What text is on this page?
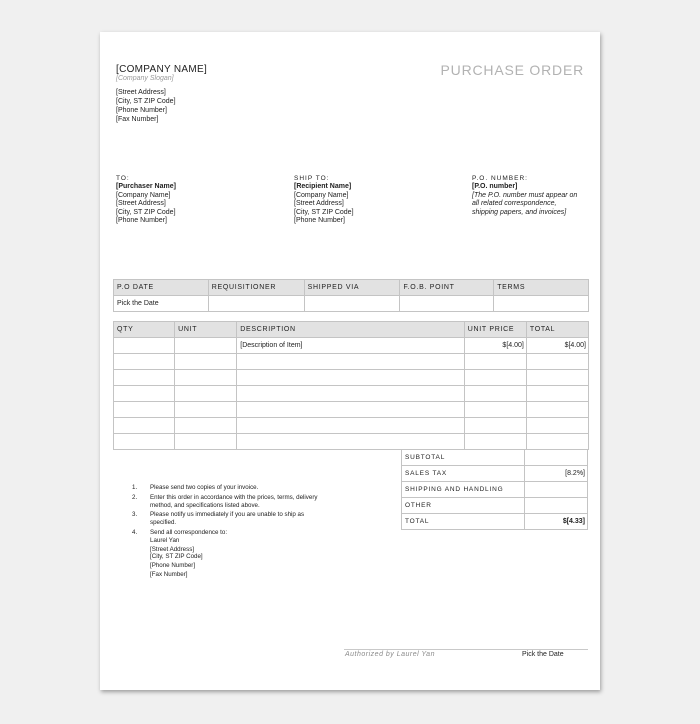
[COMPANY NAME]
[Company Slogan]
[Street Address]
[City, ST ZIP Code]
[Phone Number]
[Fax Number]
PURCHASE ORDER
TO:
[Purchaser Name]
[Company Name]
[Street Address]
[City, ST ZIP Code]
[Phone Number]
SHIP TO:
[Recipient Name]
[Company Name]
[Street Address]
[City, ST ZIP Code]
[Phone Number]
P.O. NUMBER:
[P.O. number]
[The P.O. number must appear on all related correspondence, shipping papers, and invoices]
P.O DATE	REQUISITIONER	SHIPPED VIA	F.O.B. POINT	TERMS
Pick the Date				
QTY	UNIT	DESCRIPTION	UNIT PRICE	TOTAL
		[Description of Item]	$[4.00]	$[4.00]

SUBTOTAL	
SALES TAX	[8.2%]
SHIPPING AND HANDLING	
OTHER	
TOTAL	$[4.33]
1. Please send two copies of your invoice.
2. Enter this order in accordance with the prices, terms, delivery method, and specifications listed above.
3. Please notify us immediately if you are unable to ship as specified.
4. Send all correspondence to:
Laurel Yan
[Street Address]
[City, ST ZIP Code]
[Phone Number]
[Fax Number]
Authorized by Laurel Yan	Pick the Date
